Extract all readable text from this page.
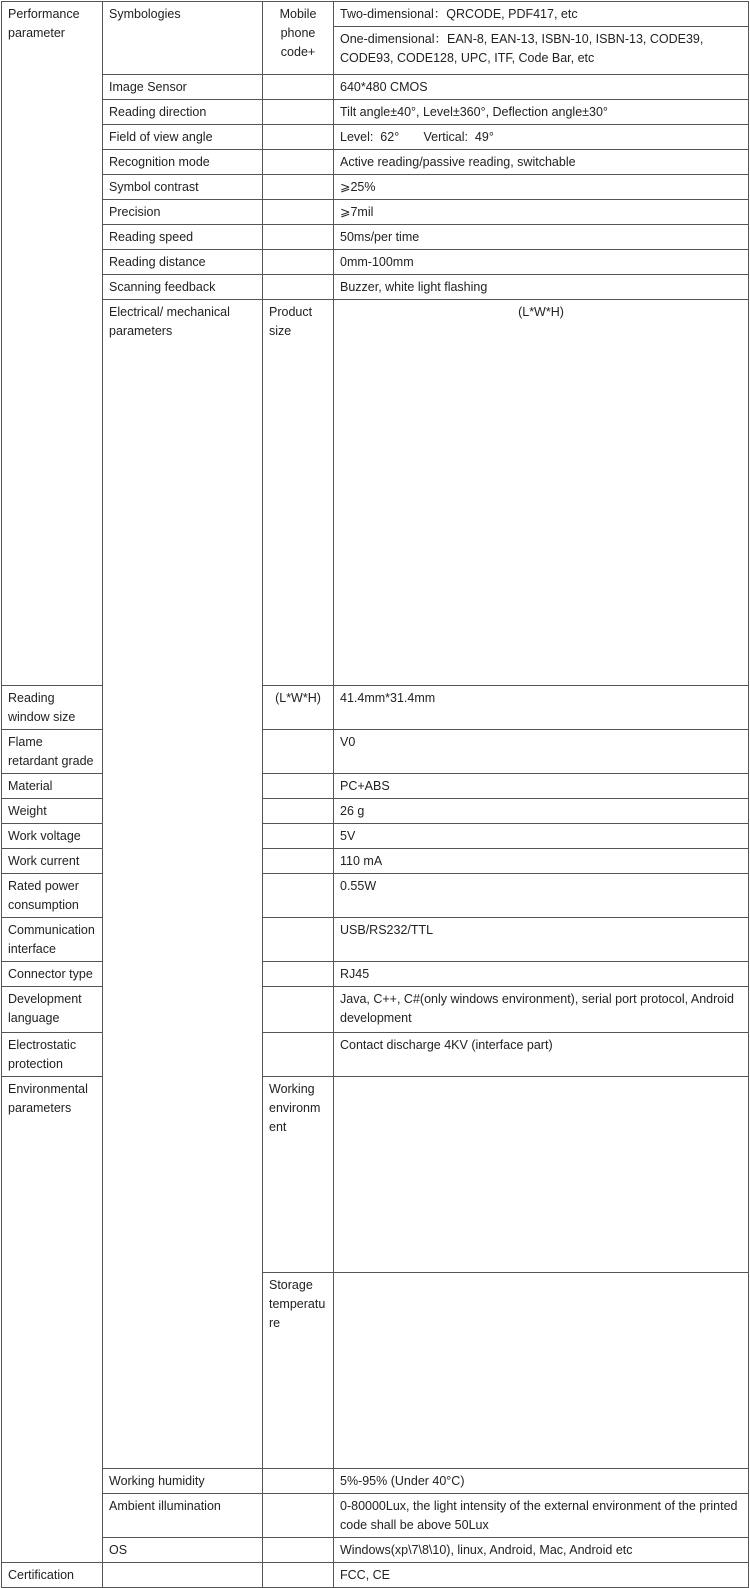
Performance parameter	Symbologies	Mobile phone code+	Two-dimensional：QRCODE, PDF417, etc	
			One-dimensional：EAN-8, EAN-13, ISBN-10, ISBN-13, CODE39, CODE93, CODE128, UPC, ITF, Code Bar, etc	
	Image Sensor		640*480 CMOS	
	Reading direction		Tilt angle±40°, Level±360°, Deflection angle±30°	
	Field of view angle		Level:  62°       Vertical:  49°	
	Recognition mode		Active reading/passive reading, switchable	
	Symbol contrast		⩾25%	
	Precision		⩾7mil	
	Reading speed		50ms/per time	
	Reading distance		0mm-100mm	
	Scanning feedback		Buzzer, white light flashing	
	Electrical/ mechanical parameters	Product size	(L*W*H)	
Reading window size		(L*W*H)	41.4mm*31.4mm	
Flame retardant grade			V0	
Material			PC+ABS	
Weight			26 g	
Work voltage			5V	
Work current			110 mA	
Rated power consumption			0.55W	
Communication interface			USB/RS232/TTL	
Connector type			RJ45	
Development language			Java, C++, C#(only windows environment), serial port protocol, Android development	
Electrostatic protection			Contact discharge 4KV (interface part)	
Environmental parameters		Working environment		
		Storage temperature		
	Working humidity		5%-95% (Under 40°C)	
	Ambient illumination		0-80000Lux, the light intensity of the external environment of the printed code shall be above 50Lux	
	OS		Windows(xp\7\8\10), linux, Android, Mac, Android etc	
Certification			FCC, CE	
